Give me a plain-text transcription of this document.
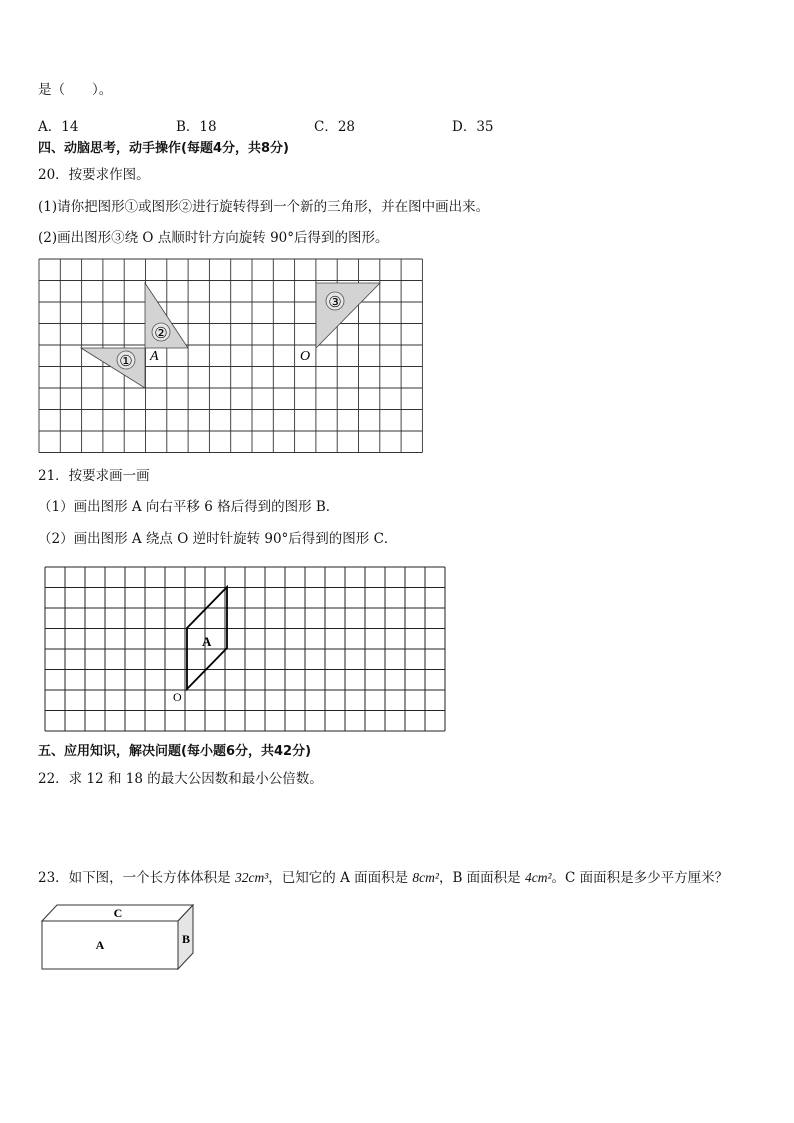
是（　　）。
A．14	B．18	C．28	D．35
四、动脑思考，动手操作(每题4分，共8分)
20．按要求作图。
(1)请你把图形①或图形②进行旋转得到一个新的三角形，并在图中画出来。
(2)画出图形③绕 O 点顺时针方向旋转 90°后得到的图形。
①
②
③
A	O
21．按要求画一画
（1）画出图形 A 向右平移 6 格后得到的图形 B．
（2）画出图形 A 绕点 O 逆时针旋转 90°后得到的图形 C．
A
O
五、应用知识，解决问题(每小题6分，共42分)
22．求 12 和 18 的最大公因数和最小公倍数。
23．如下图，一个长方体体积是 32cm³，已知它的 A 面面积是 8cm²，B 面面积是 4cm²。C 面面积是多少平方厘米？
C
A	B
